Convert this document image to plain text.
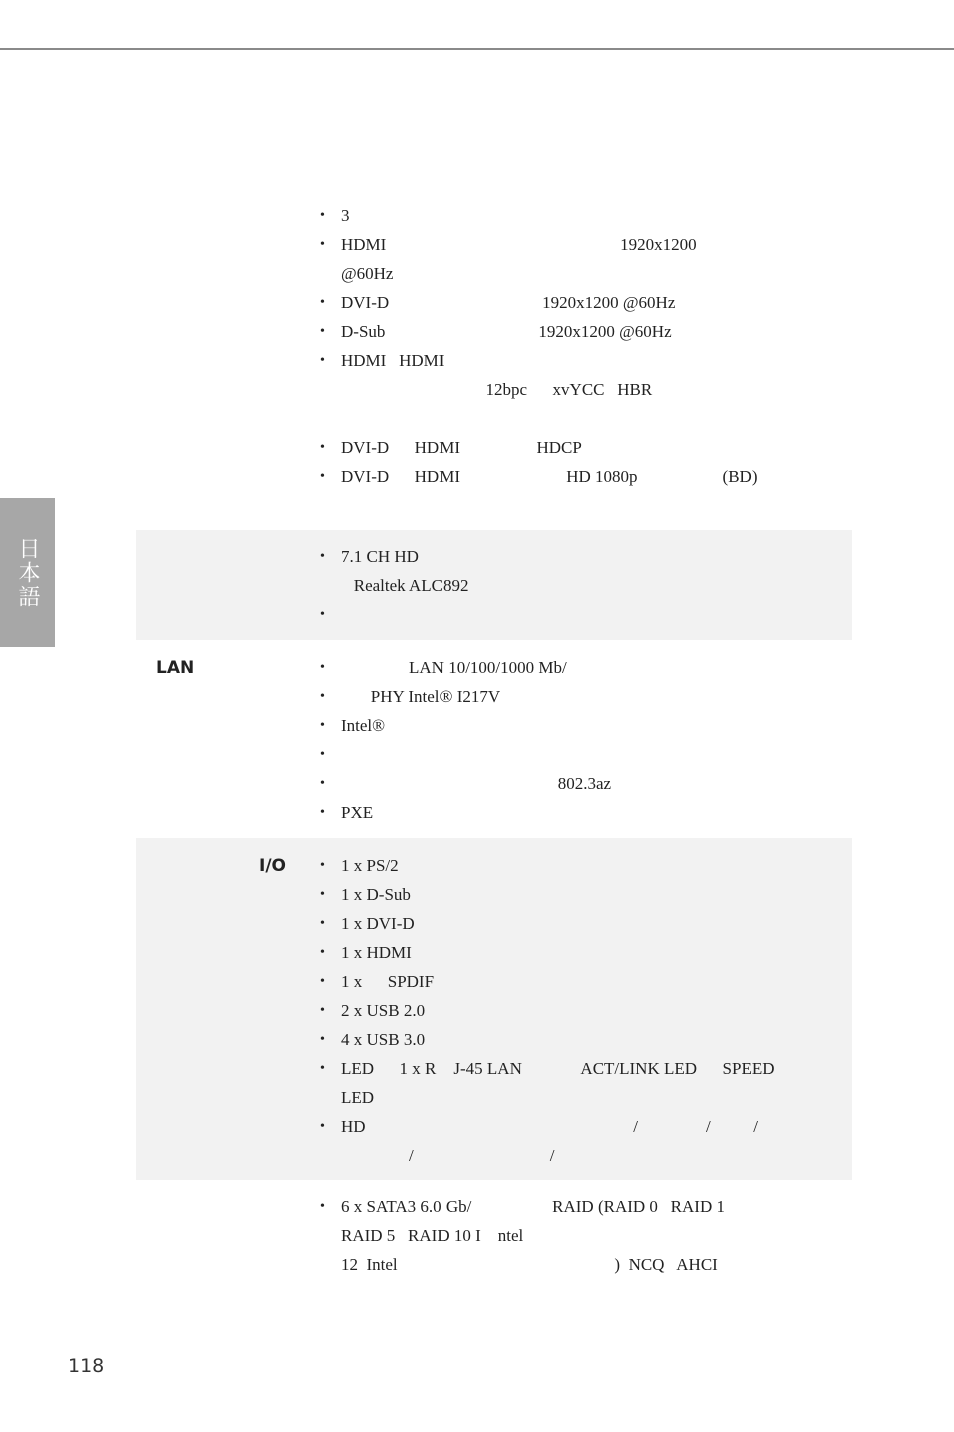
日本語

• 3
• HDMI                                                       1920x1200
@60Hz
• DVI-D                                    1920x1200 @60Hz
• D-Sub                                    1920x1200 @60Hz
• HDMI   HDMI
12bpc      xvYCC   HBR

• DVI-D      HDMI                  HDCP
• DVI-D      HDMI                         HD 1080p                    (BD)

• 7.1 CH HD
Realtek ALC892
•

LAN	• LAN 10/100/1000 Mb/
• PHY Intel® I217V
• Intel®
•

• 802.3az
• PXE
I/O • 1 x PS/2
• 1 x D-Sub
• 1 x DVI-D
• 1 x HDMI
• 1 x      SPDIF
• 2 x USB 2.0
• 4 x USB 3.0
• LED      1 x R    J-45 LAN              ACT/LINK LED      SPEED
LED
• HD                                                               /                /          /
/                                /

• 6 x SATA3 6.0 Gb/                   RAID (RAID 0   RAID 1
RAID 5   RAID 10 I    ntel
12  Intel                                                   )  NCQ   AHCI
118
